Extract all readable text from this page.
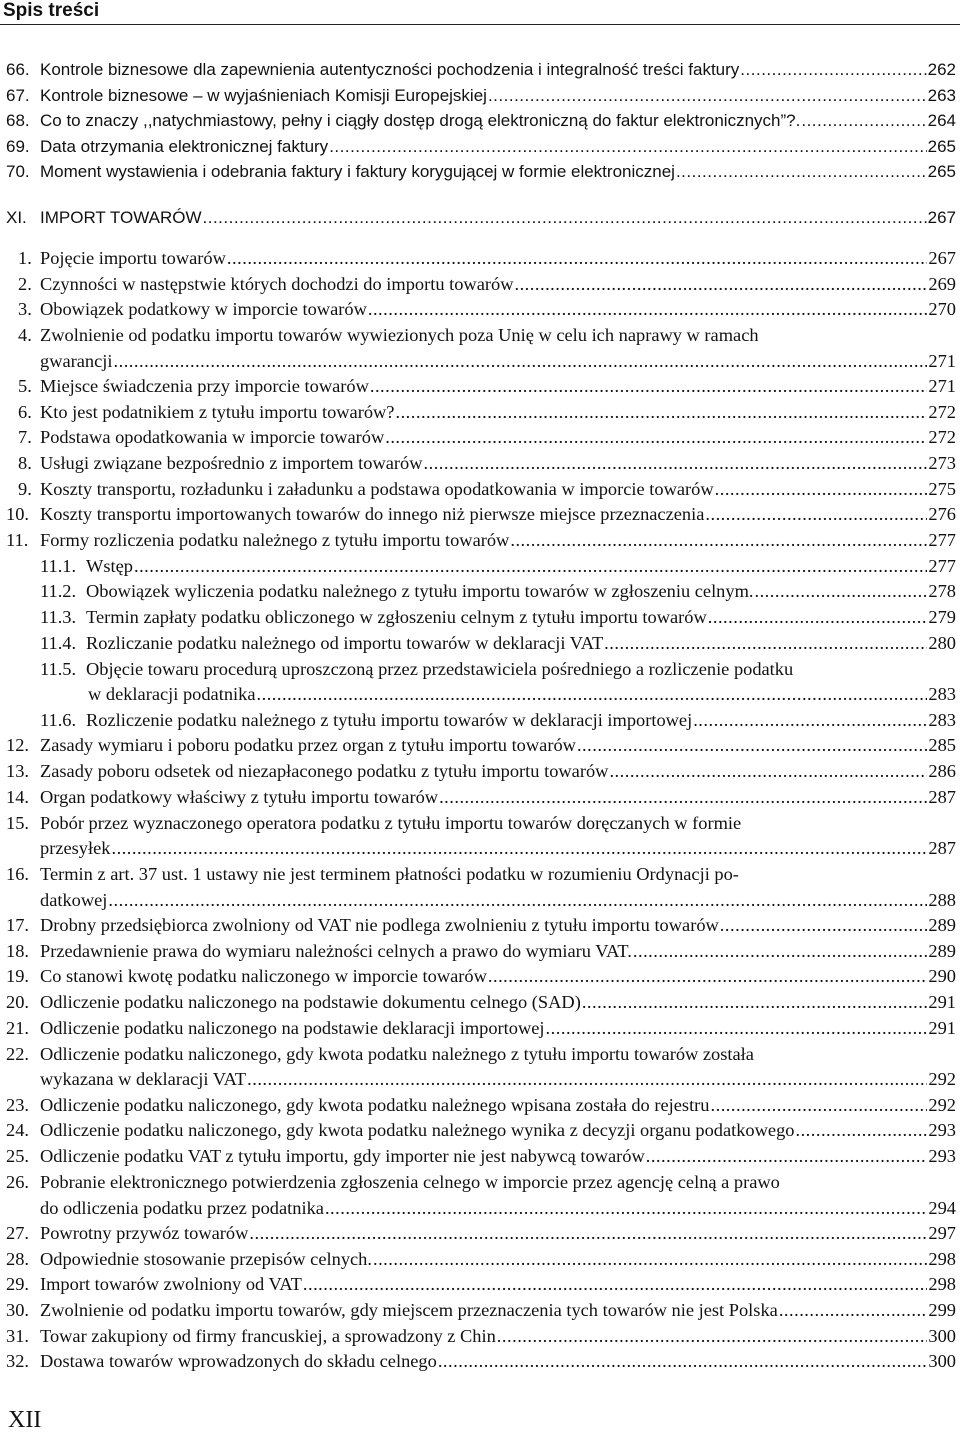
Spis treści
66. Kontrole biznesowe dla zapewnienia autentyczności pochodzenia i integralność treści faktury .....	262
67. Kontrole biznesowe – w wyjaśnieniach Komisji Europejskiej .....	263
68. Co to znaczy ,,natychmiastowy, pełny i ciągły dostęp drogą elektroniczną do faktur elektronicznych”?. .....	264
69. Data otrzymania elektronicznej faktury .....	265
70. Moment wystawienia i odebrania faktury i faktury korygującej w formie elektronicznej .....	265
XI. IMPORT TOWARÓW .....	267
1. Pojęcie importu towarów .....	267
2. Czynności w następstwie których dochodzi do importu towarów .....	269
3. Obowiązek podatkowy w imporcie towarów .....	270
4. Zwolnienie od podatku importu towarów wywiezionych poza Unię w celu ich naprawy w ramach
gwarancji .....	271
5. Miejsce świadczenia przy imporcie towarów .....	271
6. Kto jest podatnikiem z tytułu importu towarów? .....	272
7. Podstawa opodatkowania w imporcie towarów .....	272
8. Usługi związane bezpośrednio z importem towarów .....	273
9. Koszty transportu, rozładunku i załadunku a podstawa opodatkowania w imporcie towarów .....	275
10. Koszty transportu importowanych towarów do innego niż pierwsze miejsce przeznaczenia .....	276
11. Formy rozliczenia podatku należnego z tytułu importu towarów .....	277
11.1. Wstęp .....	277
11.2. Obowiązek wyliczenia podatku należnego z tytułu importu towarów w zgłoszeniu celnym. .....	278
11.3. Termin zapłaty podatku obliczonego w zgłoszeniu celnym z tytułu importu towarów .....	279
11.4. Rozliczanie podatku należnego od importu towarów w deklaracji VAT .....	280
11.5. Objęcie towaru procedurą uproszczoną przez przedstawiciela pośredniego a rozliczenie podatku
w deklaracji podatnika .....	283
11.6. Rozliczenie podatku należnego z tytułu importu towarów w deklaracji importowej .....	283
12. Zasady wymiaru i poboru podatku przez organ z tytułu importu towarów .....	285
13. Zasady poboru odsetek od niezapłaconego podatku z tytułu importu towarów .....	286
14. Organ podatkowy właściwy z tytułu importu towarów .....	287
15. Pobór przez wyznaczonego operatora podatku z tytułu importu towarów doręczanych w formie
przesyłek .....	287
16. Termin z art. 37 ust. 1 ustawy nie jest terminem płatności podatku w rozumieniu Ordynacji po-
datkowej .....	288
17. Drobny przedsiębiorca zwolniony od VAT nie podlega zwolnieniu z tytułu importu towarów .....	289
18. Przedawnienie prawa do wymiaru należności celnych a prawo do wymiaru VAT. .....	289
19. Co stanowi kwotę podatku naliczonego w imporcie towarów .....	290
20. Odliczenie podatku naliczonego na podstawie dokumentu celnego (SAD) .....	291
21. Odliczenie podatku naliczonego na podstawie deklaracji importowej .....	291
22. Odliczenie podatku naliczonego, gdy kwota podatku należnego z tytułu importu towarów została
wykazana w deklaracji VAT .....	292
23. Odliczenie podatku naliczonego, gdy kwota podatku należnego wpisana została do rejestru .....	292
24. Odliczenie podatku naliczonego, gdy kwota podatku należnego wynika z decyzji organu podatkowego .....	293
25. Odliczenie podatku VAT z tytułu importu, gdy importer nie jest nabywcą towarów .....	293
26. Pobranie elektronicznego potwierdzenia zgłoszenia celnego w imporcie przez agencję celną a prawo
do odliczenia podatku przez podatnika .....	294
27. Powrotny przywóz towarów .....	297
28. Odpowiednie stosowanie przepisów celnych. .....	298
29. Import towarów zwolniony od VAT .....	298
30. Zwolnienie od podatku importu towarów, gdy miejscem przeznaczenia tych towarów nie jest Polska .....	299
31. Towar zakupiony od firmy francuskiej, a sprowadzony z Chin .....	300
32. Dostawa towarów wprowadzonych do składu celnego .....	300
XII
